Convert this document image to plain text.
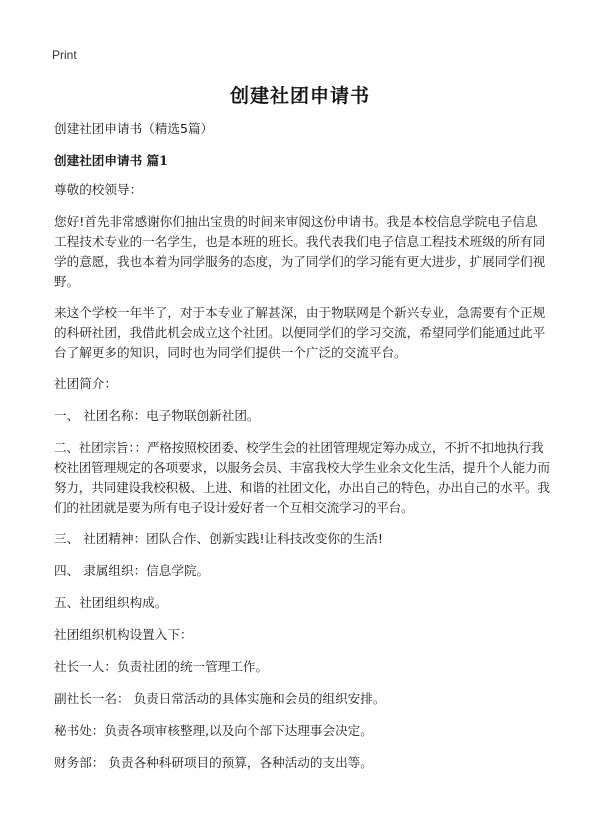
Print
创建社团申请书

创建社团申请书（精选5篇）

创建社团申请书 篇1

尊敬的校领导：

您好!首先非常感谢你们抽出宝贵的时间来审阅这份申请书。我是本校信息学院电子信息工程技术专业的一名学生，也是本班的班长。我代表我们电子信息工程技术班级的所有同学的意愿，我也本着为同学服务的态度，为了同学们的学习能有更大进步，扩展同学们视野。

来这个学校一年半了，对于本专业了解甚深，由于物联网是个新兴专业，急需要有个正规的科研社团，我借此机会成立这个社团。以便同学们的学习交流，希望同学们能通过此平台了解更多的知识，同时也为同学们提供一个广泛的交流平台。

社团简介：

一、 社团名称：电子物联创新社团。

二、社团宗旨：：严格按照校团委、校学生会的社团管理规定筹办成立，不折不扣地执行我校社团管理规定的各项要求，以服务会员、丰富我校大学生业余文化生活，提升个人能力而努力，共同建设我校积极、上进、和谐的社团文化，办出自己的特色，办出自己的水平。我们的社团就是要为所有电子设计爱好者一个互相交流学习的平台。

三、 社团精神：团队合作、创新实践!让科技改变你的生活!

四、 隶属组织：信息学院。

五、社团组织构成。

社团组织机构设置入下：

社长一人：负责社团的统一管理工作。

副社长一名： 负责日常活动的具体实施和会员的组织安排。

秘书处：负责各项审核整理,以及向个部下达理事会决定。

财务部： 负责各种科研项目的预算，各种活动的支出等。
